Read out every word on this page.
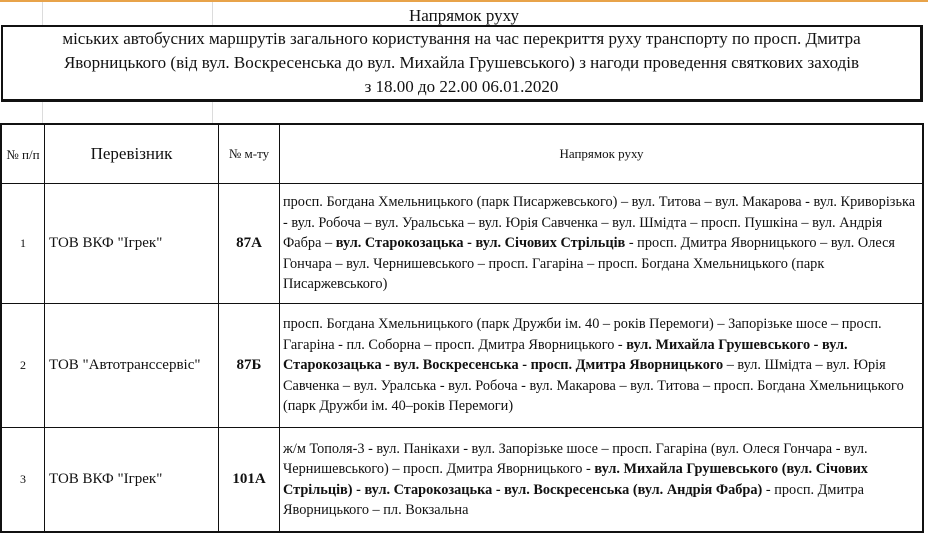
Напрямок руху
міських автобусних маршрутів загального користування на час перекриття руху транспорту по просп. Дмитра
Яворницького (від вул. Воскресенська до вул. Михайла Грушевського) з нагоди проведення святкових заходів
з 18.00 до 22.00 06.01.2020
№ п/п	Перевізник	№ м-ту	Напрямок руху
1	ТОВ ВКФ "Ігрек"	87А	просп. Богдана Хмельницького (парк Писаржевського) – вул. Титова – вул. Макарова - вул. Криворізька - вул. Робоча – вул. Уральська – вул. Юрія Савченка – вул. Шмідта – просп. Пушкіна – вул. Андрія Фабра – вул. Старокозацька - вул. Січових Стрільців - просп. Дмитра Яворницького – вул. Олеся Гончара – вул. Чернишевського – просп. Гагаріна – просп. Богдана Хмельницького (парк Писаржевського)
2	ТОВ "Автотранссервіс"	87Б	просп. Богдана Хмельницького (парк Дружби ім. 40 – років Перемоги) – Запорізьке шосе – просп. Гагаріна - пл. Соборна – просп. Дмитра Яворницького - вул. Михайла Грушевського - вул. Старокозацька - вул. Воскресенська - просп. Дмитра Яворницького – вул. Шмідта – вул. Юрія Савченка – вул. Уралська - вул. Робоча - вул. Макарова – вул. Титова – просп. Богдана Хмельницького (парк Дружби ім. 40–років Перемоги)
3	ТОВ ВКФ "Ігрек"	101А	ж/м Тополя-3 - вул. Панікахи - вул. Запорізьке шосе – просп. Гагаріна (вул. Олеся Гончара - вул. Чернишевського) – просп. Дмитра Яворницького - вул. Михайла Грушевського (вул. Січових Стрільців) - вул. Старокозацька - вул. Воскресенська (вул. Андрія Фабра) - просп. Дмитра Яворницького – пл. Вокзальна
